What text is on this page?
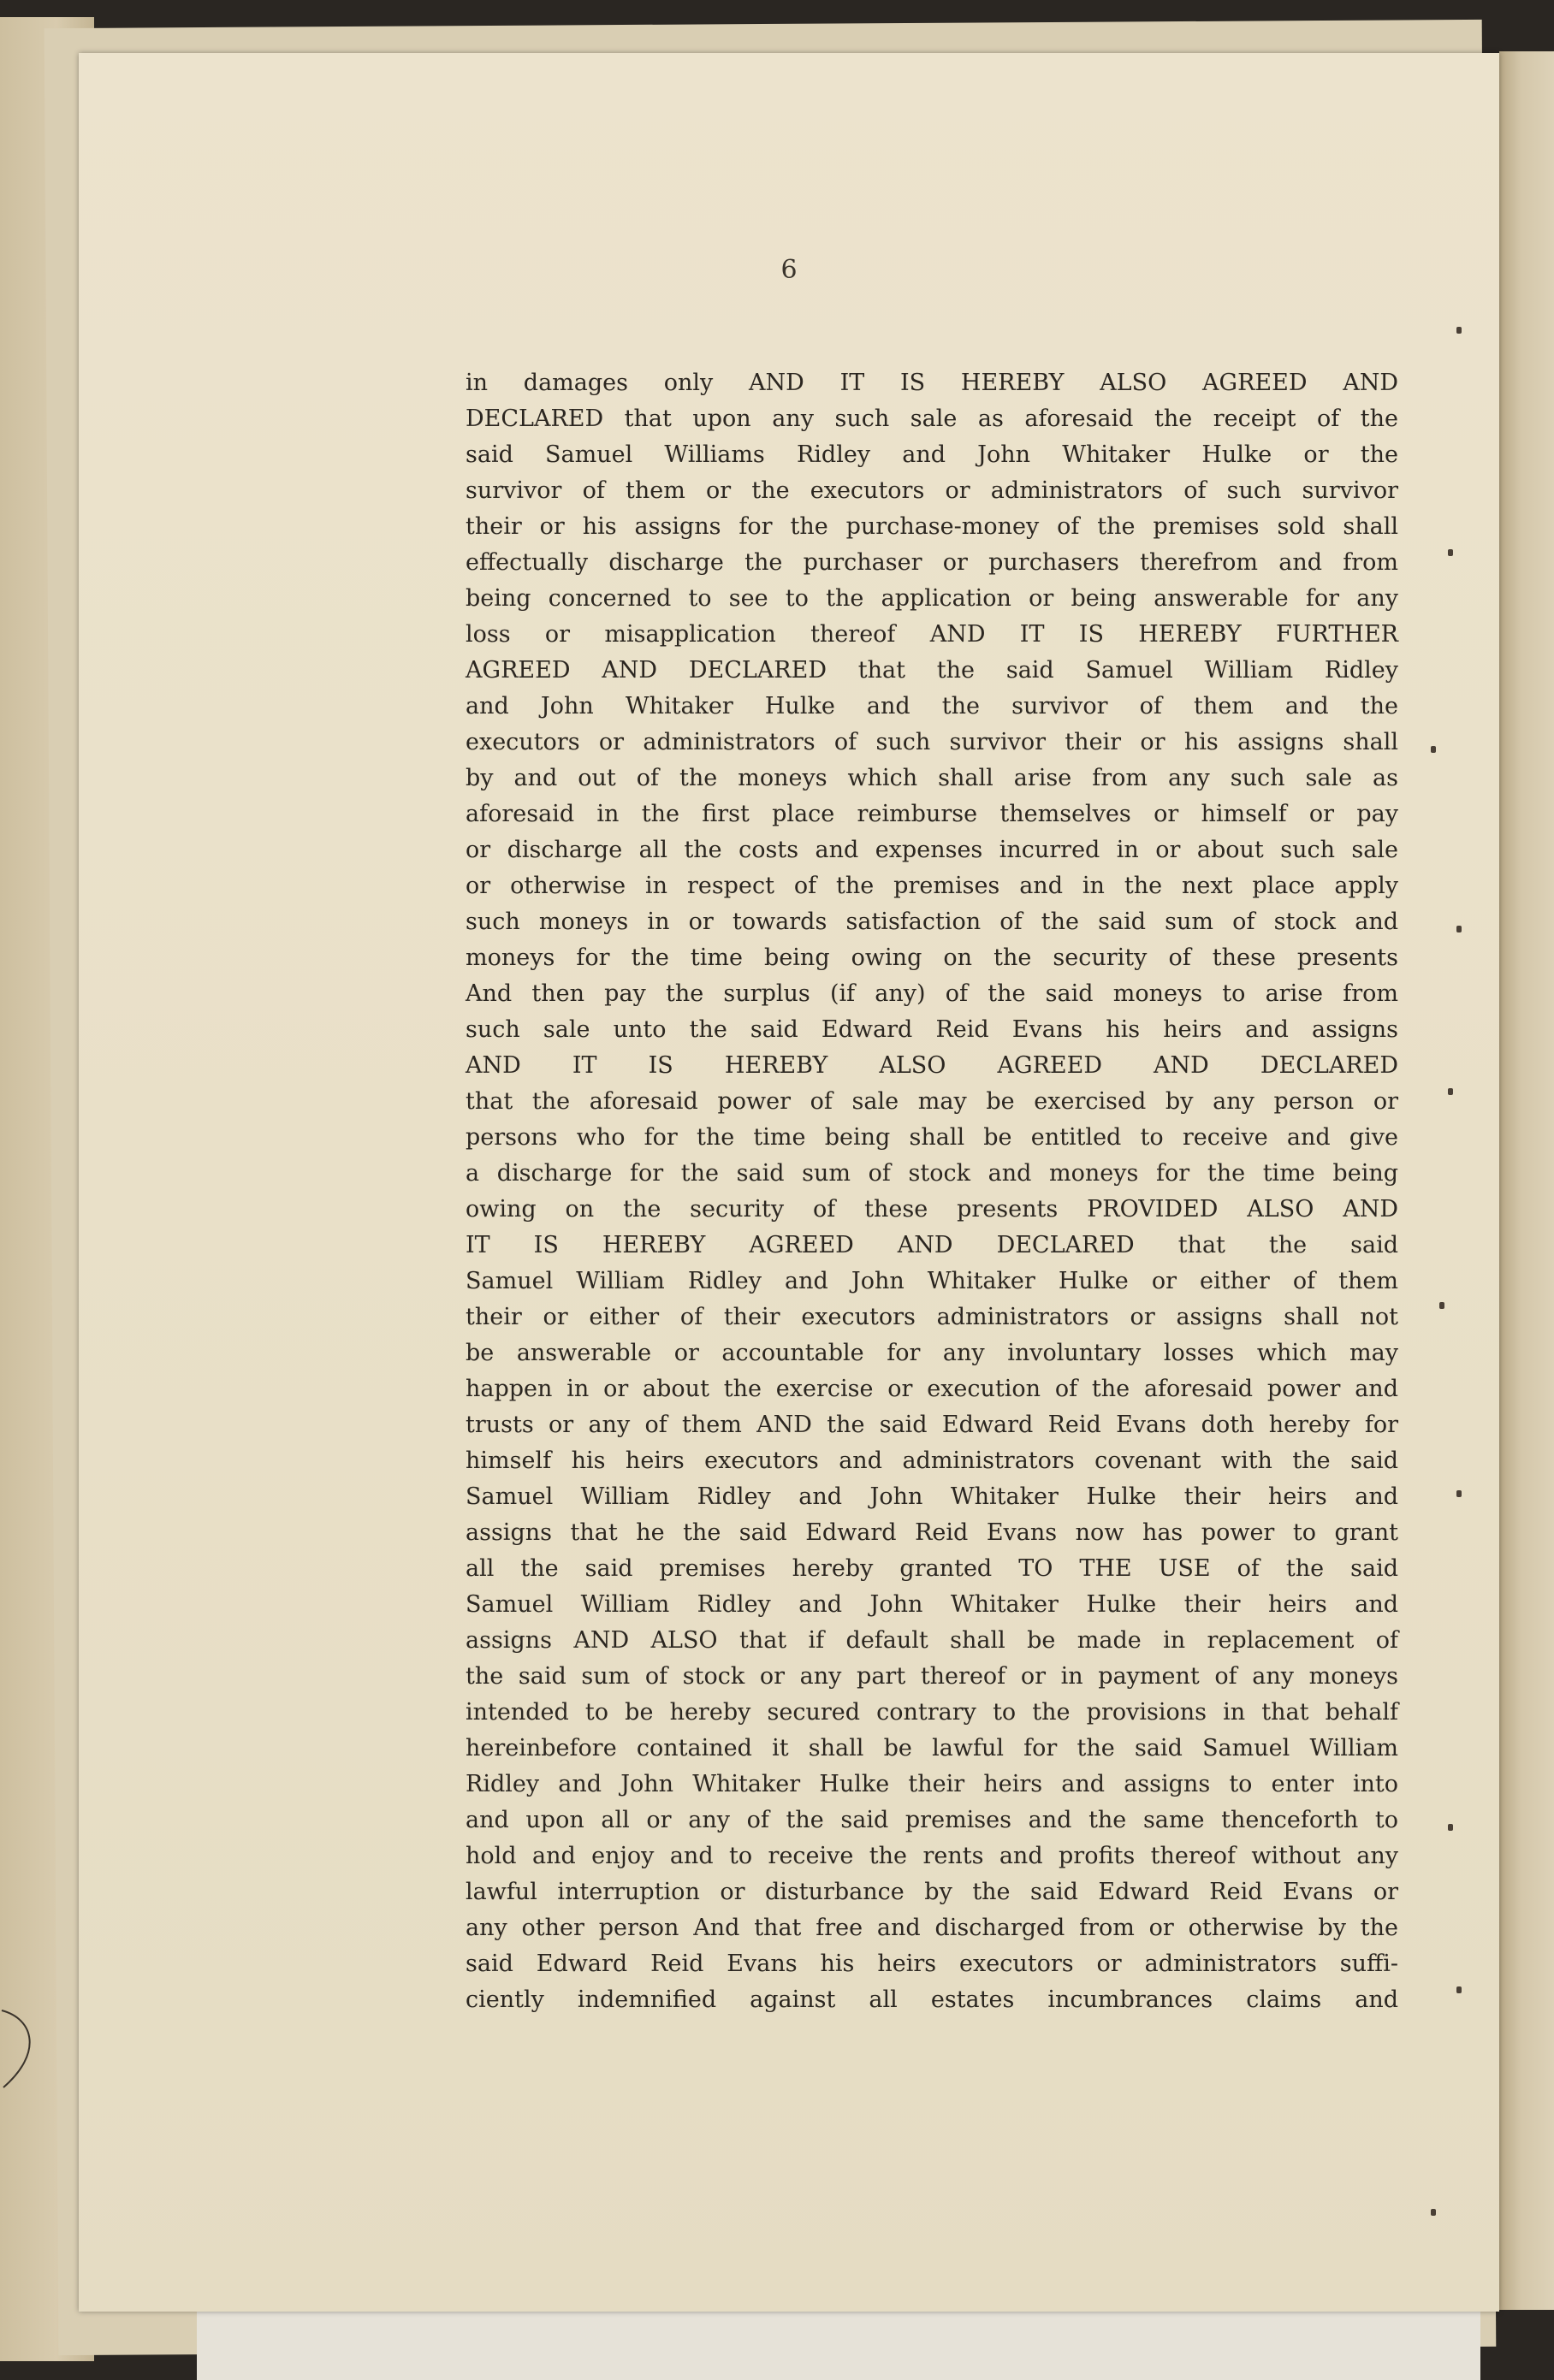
6
in damages only AND IT IS HEREBY ALSO AGREED AND
DECLARED that upon any such sale as aforesaid the receipt of the
said Samuel Williams Ridley and John Whitaker Hulke or the
survivor of them or the executors or administrators of such survivor
their or his assigns for the purchase-money of the premises sold shall
effectually discharge the purchaser or purchasers therefrom and from
being concerned to see to the application or being answerable for any
loss or misapplication thereof AND IT IS HEREBY FURTHER
AGREED AND DECLARED that the said Samuel William Ridley
and John Whitaker Hulke and the survivor of them and the
executors or administrators of such survivor their or his assigns shall
by and out of the moneys which shall arise from any such sale as
aforesaid in the first place reimburse themselves or himself or pay
or discharge all the costs and expenses incurred in or about such sale
or otherwise in respect of the premises and in the next place apply
such moneys in or towards satisfaction of the said sum of stock and
moneys for the time being owing on the security of these presents
And then pay the surplus (if any) of the said moneys to arise from
such sale unto the said Edward Reid Evans his heirs and assigns
AND IT IS HEREBY ALSO AGREED AND DECLARED
that the aforesaid power of sale may be exercised by any person or
persons who for the time being shall be entitled to receive and give
a discharge for the said sum of stock and moneys for the time being
owing on the security of these presents PROVIDED ALSO AND
IT IS HEREBY AGREED AND DECLARED that the said
Samuel William Ridley and John Whitaker Hulke or either of them
their or either of their executors administrators or assigns shall not
be answerable or accountable for any involuntary losses which may
happen in or about the exercise or execution of the aforesaid power and
trusts or any of them AND the said Edward Reid Evans doth hereby for
himself his heirs executors and administrators covenant with the said
Samuel William Ridley and John Whitaker Hulke their heirs and
assigns that he the said Edward Reid Evans now has power to grant
all the said premises hereby granted TO THE USE of the said
Samuel William Ridley and John Whitaker Hulke their heirs and
assigns AND ALSO that if default shall be made in replacement of
the said sum of stock or any part thereof or in payment of any moneys
intended to be hereby secured contrary to the provisions in that behalf
hereinbefore contained it shall be lawful for the said Samuel William
Ridley and John Whitaker Hulke their heirs and assigns to enter into
and upon all or any of the said premises and the same thenceforth to
hold and enjoy and to receive the rents and profits thereof without any
lawful interruption or disturbance by the said Edward Reid Evans or
any other person And that free and discharged from or otherwise by the
said Edward Reid Evans his heirs executors or administrators suffi-
ciently indemnified against all estates incumbrances claims and
